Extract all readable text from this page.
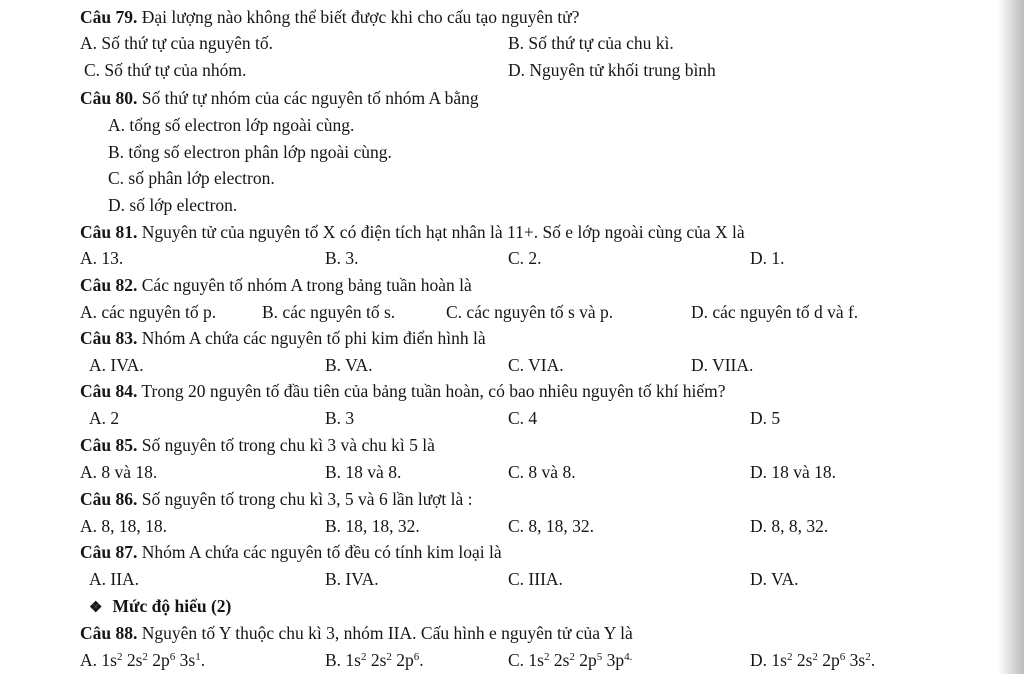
Câu 79. Đại lượng nào không thể biết được khi cho cấu tạo nguyên tử?
A. Số thứ tự của nguyên tố.	B. Số thứ tự của chu kì.
C. Số thứ tự của nhóm.	D. Nguyên tử khối trung bình
Câu 80. Số thứ tự nhóm của các nguyên tố nhóm A bằng
A. tổng số electron lớp ngoài cùng.
B. tổng số electron phân lớp ngoài cùng.
C. số phân lớp electron.
D. số lớp electron.
Câu 81. Nguyên tử của nguyên tố X có điện tích hạt nhân là 11+. Số e lớp ngoài cùng của X là
A. 13.	B. 3.	C. 2.	D. 1.
Câu 82. Các nguyên tố nhóm A trong bảng tuần hoàn là
A. các nguyên tố p.	B. các nguyên tố s.	C. các nguyên tố s và p.	D. các nguyên tố d và f.
Câu 83. Nhóm A chứa các nguyên tố phi kim điển hình là
A. IVA.	B. VA.	C. VIA.	D. VIIA.
Câu 84. Trong 20 nguyên tố đầu tiên của bảng tuần hoàn, có bao nhiêu nguyên tố khí hiếm?
A. 2	B. 3	C. 4	D. 5
Câu 85. Số nguyên tố trong chu kì 3 và chu kì 5 là
A. 8 và 18.	B. 18 và 8.	C. 8 và 8.	D. 18 và 18.
Câu 86. Số nguyên tố trong chu kì 3, 5 và 6 lần lượt là :
A. 8, 18, 18.	B. 18, 18, 32.	C. 8, 18, 32.	D. 8, 8, 32.
Câu 87. Nhóm A chứa các nguyên tố đều có tính kim loại là
A. IIA.	B. IVA.	C. IIIA.	D. VA.
❖ Mức độ hiểu (2)
Câu 88. Nguyên tố Y thuộc chu kì 3, nhóm IIA. Cấu hình e nguyên tử của Y là
A. $1s^2$ $2s^2$ $2p^6$ $3s^1$.	B. $1s^2$ $2s^2$ $2p^6$.	C. $1s^2$ $2s^2$ $2p^5$ $3p^{4.}$	D. $1s^2$ $2s^2$ $2p^6$ $3s^2$.
